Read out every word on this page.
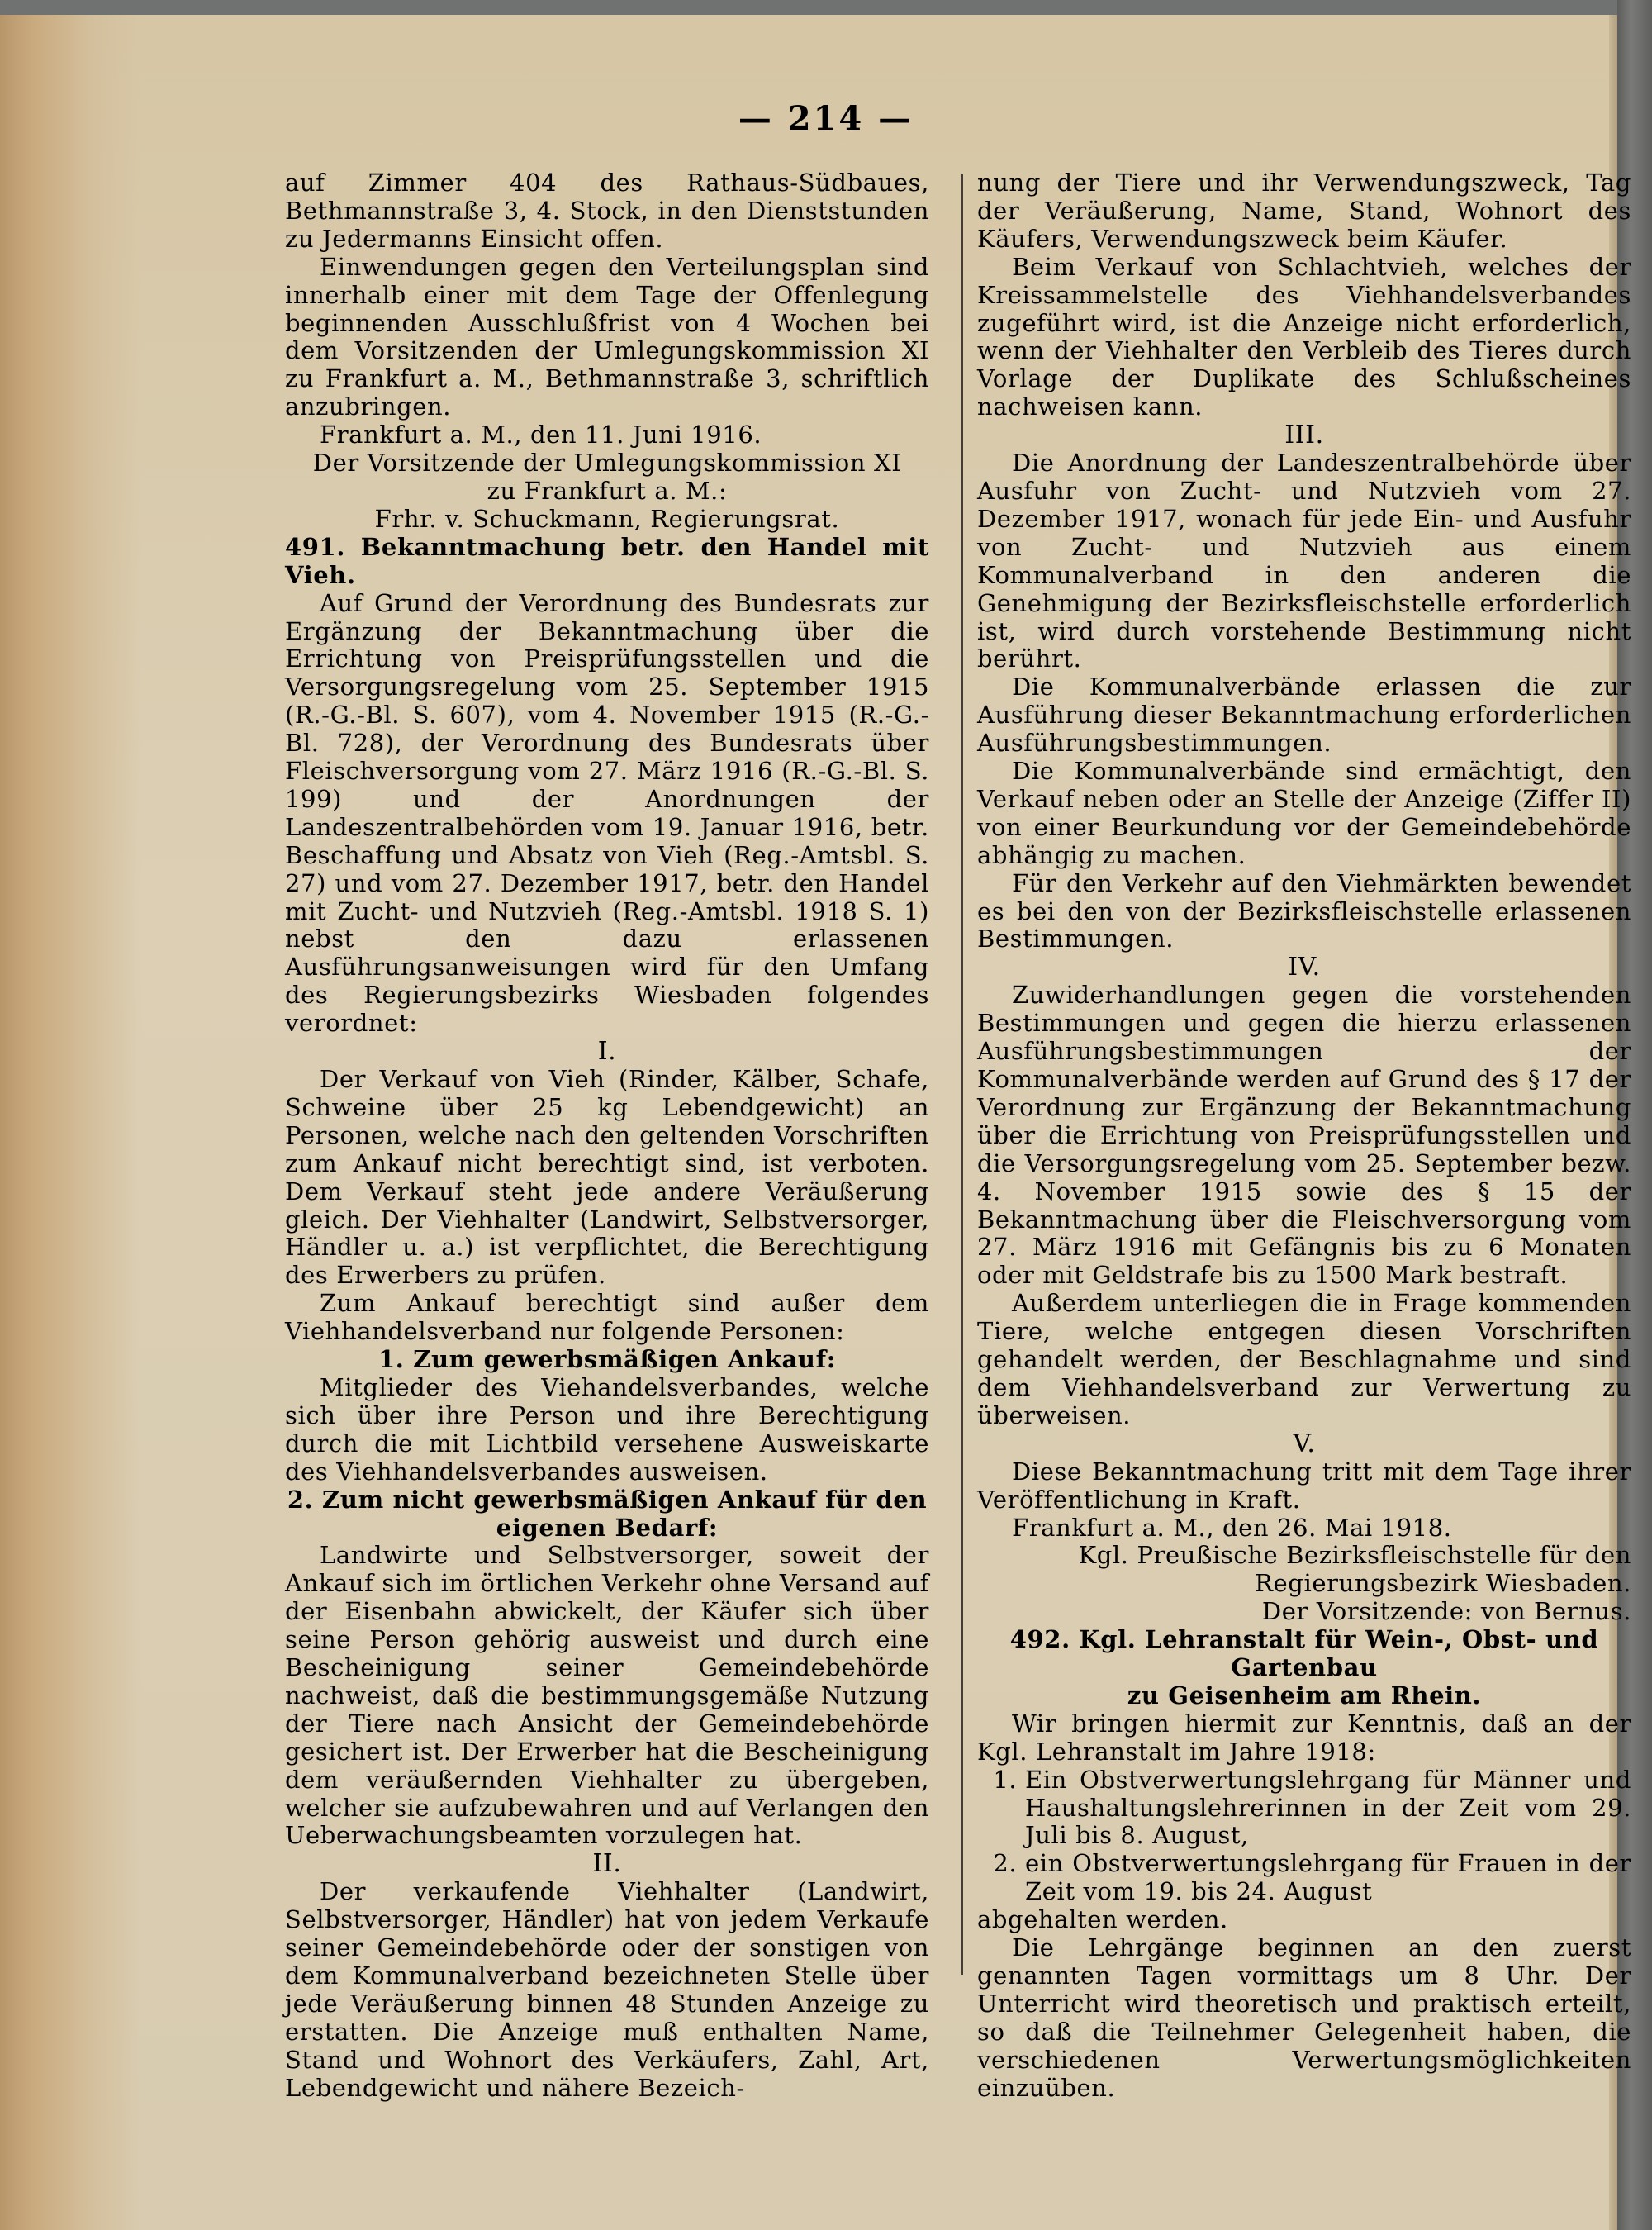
— 214 —

auf Zimmer 404 des Rathaus-Südbaues, Bethmannstraße 3, 4. Stock, in den Dienststunden zu Jedermanns Einsicht offen.

Einwendungen gegen den Verteilungsplan sind innerhalb einer mit dem Tage der Offenlegung beginnenden Ausschlußfrist von 4 Wochen bei dem Vorsitzenden der Umlegungskommission XI zu Frankfurt a. M., Bethmannstraße 3, schriftlich anzubringen.

Frankfurt a. M., den 11. Juni 1916.

Der Vorsitzende der Umlegungskommission XI

zu Frankfurt a. M.:

Frhr. v. Schuckmann, Regierungsrat.

491. Bekanntmachung betr. den Handel mit Vieh.

Auf Grund der Verordnung des Bundesrats zur Ergänzung der Bekanntmachung über die Errichtung von Preisprüfungsstellen und die Versorgungsregelung vom 25. September 1915 (R.-G.-Bl. S. 607), vom 4. November 1915 (R.-G.-Bl. 728), der Verordnung des Bundesrats über Fleischversorgung vom 27. März 1916 (R.-G.-Bl. S. 199) und der Anordnungen der Landeszentralbehörden vom 19. Januar 1916, betr. Beschaffung und Absatz von Vieh (Reg.-Amtsbl. S. 27) und vom 27. Dezember 1917, betr. den Handel mit Zucht- und Nutzvieh (Reg.-Amtsbl. 1918 S. 1) nebst den dazu erlassenen Ausführungsanweisungen wird für den Umfang des Regierungsbezirks Wiesbaden folgendes verordnet:

I.

Der Verkauf von Vieh (Rinder, Kälber, Schafe, Schweine über 25 kg Lebendgewicht) an Personen, welche nach den geltenden Vorschriften zum Ankauf nicht berechtigt sind, ist verboten. Dem Verkauf steht jede andere Veräußerung gleich. Der Viehhalter (Landwirt, Selbstversorger, Händler u. a.) ist verpflichtet, die Berechtigung des Erwerbers zu prüfen.

Zum Ankauf berechtigt sind außer dem Viehhandelsverband nur folgende Personen:

1. Zum gewerbsmäßigen Ankauf:

Mitglieder des Viehandelsverbandes, welche sich über ihre Person und ihre Berechtigung durch die mit Lichtbild versehene Ausweiskarte des Viehhandelsverbandes ausweisen.

2. Zum nicht gewerbsmäßigen Ankauf für den

eigenen Bedarf:

Landwirte und Selbstversorger, soweit der Ankauf sich im örtlichen Verkehr ohne Versand auf der Eisenbahn abwickelt, der Käufer sich über seine Person gehörig ausweist und durch eine Bescheinigung seiner Gemeindebehörde nachweist, daß die bestimmungsgemäße Nutzung der Tiere nach Ansicht der Gemeindebehörde gesichert ist. Der Erwerber hat die Bescheinigung dem veräußernden Viehhalter zu übergeben, welcher sie aufzubewahren und auf Verlangen den Ueberwachungsbeamten vorzulegen hat.

II.

Der verkaufende Viehhalter (Landwirt, Selbstversorger, Händler) hat von jedem Verkaufe seiner Gemeindebehörde oder der sonstigen von dem Kommunalverband bezeichneten Stelle über jede Veräußerung binnen 48 Stunden Anzeige zu erstatten. Die Anzeige muß enthalten Name, Stand und Wohnort des Verkäufers, Zahl, Art, Lebendgewicht und nähere Bezeich-

nung der Tiere und ihr Verwendungszweck, Tag der Veräußerung, Name, Stand, Wohnort des Käufers, Verwendungszweck beim Käufer.

Beim Verkauf von Schlachtvieh, welches der Kreissammelstelle des Viehhandelsverbandes zugeführt wird, ist die Anzeige nicht erforderlich, wenn der Viehhalter den Verbleib des Tieres durch Vorlage der Duplikate des Schlußscheines nachweisen kann.

III.

Die Anordnung der Landeszentralbehörde über Ausfuhr von Zucht- und Nutzvieh vom 27. Dezember 1917, wonach für jede Ein- und Ausfuhr von Zucht- und Nutzvieh aus einem Kommunalverband in den anderen die Genehmigung der Bezirksfleischstelle erforderlich ist, wird durch vorstehende Bestimmung nicht berührt.

Die Kommunalverbände erlassen die zur Ausführung dieser Bekanntmachung erforderlichen Ausführungsbestimmungen.

Die Kommunalverbände sind ermächtigt, den Verkauf neben oder an Stelle der Anzeige (Ziffer II) von einer Beurkundung vor der Gemeindebehörde abhängig zu machen.

Für den Verkehr auf den Viehmärkten bewendet es bei den von der Bezirksfleischstelle erlassenen Bestimmungen.

IV.

Zuwiderhandlungen gegen die vorstehenden Bestimmungen und gegen die hierzu erlassenen Ausführungsbestimmungen der Kommunalverbände werden auf Grund des § 17 der Verordnung zur Ergänzung der Bekanntmachung über die Errichtung von Preisprüfungsstellen und die Versorgungsregelung vom 25. September bezw. 4. November 1915 sowie des § 15 der Bekanntmachung über die Fleischversorgung vom 27. März 1916 mit Gefängnis bis zu 6 Monaten oder mit Geldstrafe bis zu 1500 Mark bestraft.

Außerdem unterliegen die in Frage kommenden Tiere, welche entgegen diesen Vorschriften gehandelt werden, der Beschlagnahme und sind dem Viehhandelsverband zur Verwertung zu überweisen.

V.

Diese Bekanntmachung tritt mit dem Tage ihrer Veröffentlichung in Kraft.

Frankfurt a. M., den 26. Mai 1918.

Kgl. Preußische Bezirksfleischstelle für den

Regierungsbezirk Wiesbaden.

Der Vorsitzende: von Bernus.

492. Kgl. Lehranstalt für Wein-, Obst- und Gartenbau

zu Geisenheim am Rhein.

Wir bringen hiermit zur Kenntnis, daß an der Kgl. Lehranstalt im Jahre 1918:

1. Ein Obstverwertungslehrgang für Männer und Haushaltungslehrerinnen in der Zeit vom 29. Juli bis 8. August,
2. ein Obstverwertungslehrgang für Frauen in der Zeit vom 19. bis 24. August

abgehalten werden.

Die Lehrgänge beginnen an den zuerst genannten Tagen vormittags um 8 Uhr. Der Unterricht wird theoretisch und praktisch erteilt, so daß die Teilnehmer Gelegenheit haben, die verschiedenen Verwertungsmöglichkeiten einzuüben.
